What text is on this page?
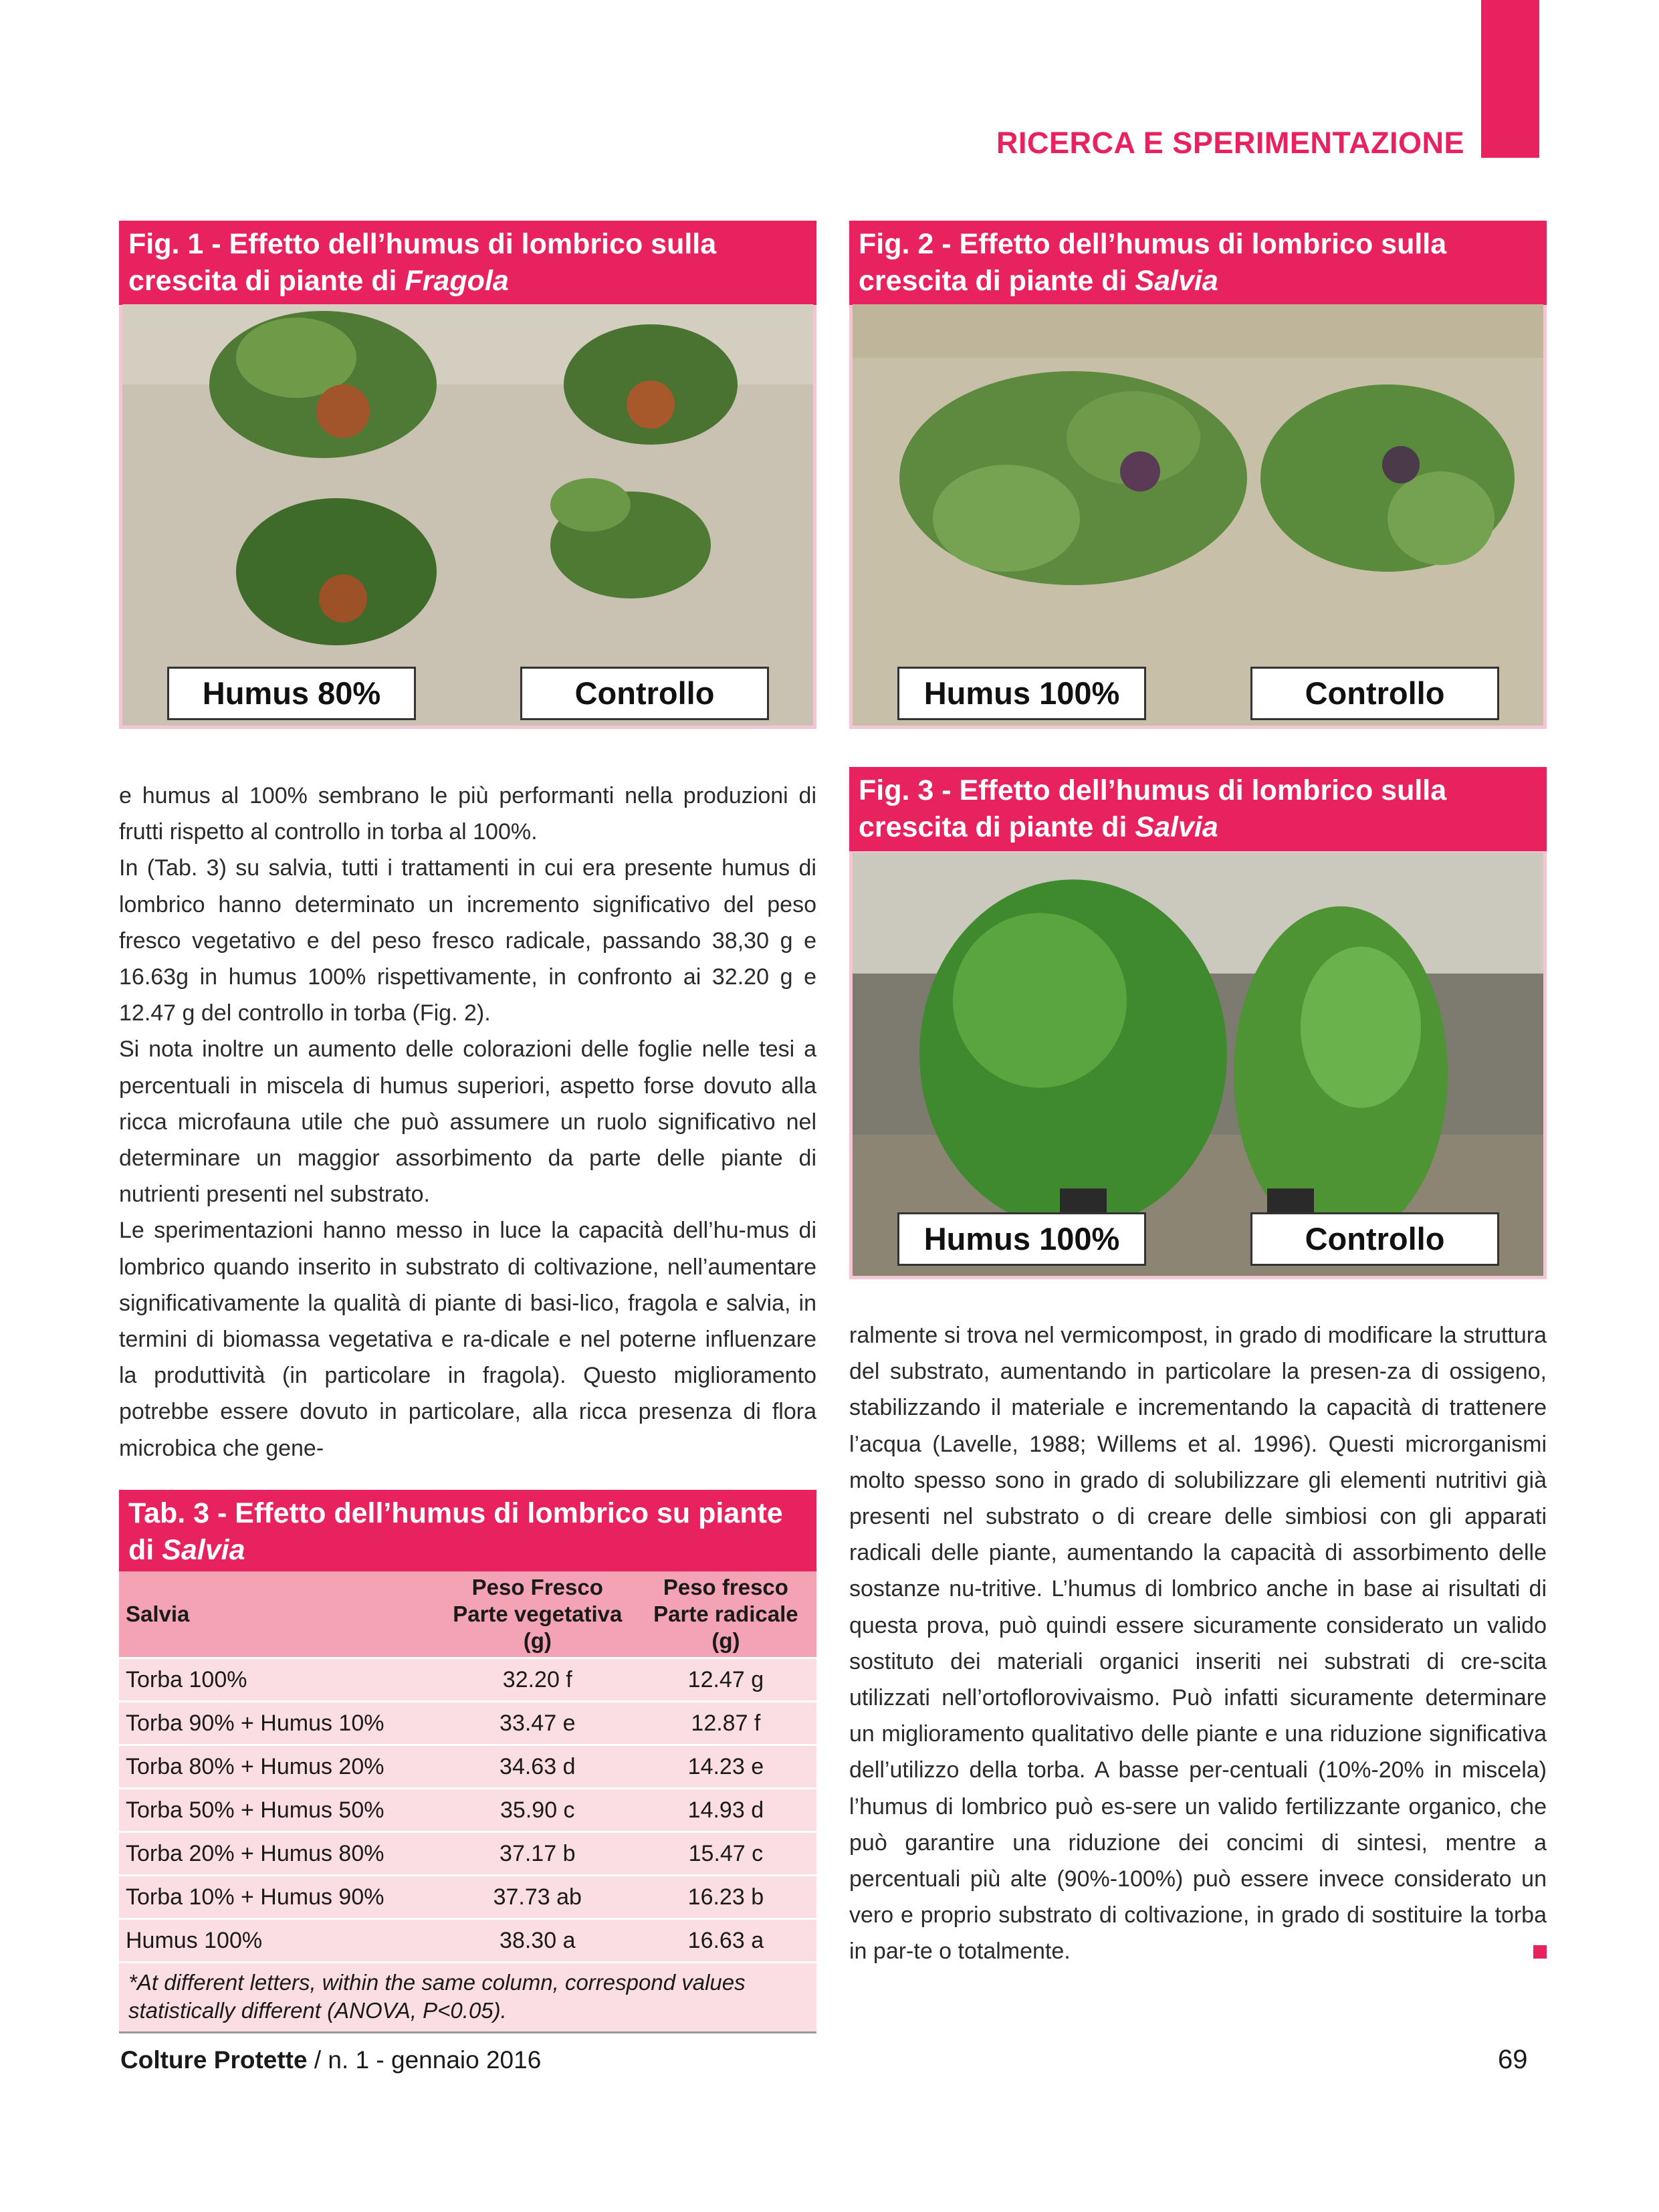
RICERCA E SPERIMENTAZIONE
Fig. 1 - Effetto dell’humus di lombrico sulla crescita di piante di Fragola
Humus 80%	Controllo
Fig. 2 - Effetto dell’humus di lombrico sulla crescita di piante di Salvia
Humus 100%	Controllo
Fig. 3 - Effetto dell’humus di lombrico sulla crescita di piante di Salvia
Humus 100%	Controllo

e humus al 100% sembrano le più performanti nella produzioni di frutti rispetto al controllo in torba al 100%.

In (Tab. 3) su salvia, tutti i trattamenti in cui era presente humus di lombrico hanno determinato un incremento significativo del peso fresco vegetativo e del peso fresco radicale, passando 38,30 g e 16.63g in humus 100% rispettivamente, in confronto ai 32.20 g e 12.47 g del controllo in torba (Fig. 2).

Si nota inoltre un aumento delle colorazioni delle foglie nelle tesi a percentuali in miscela di humus superiori, aspetto forse dovuto alla ricca microfauna utile che può assumere un ruolo significativo nel determinare un maggior assorbimento da parte delle piante di nutrienti presenti nel substrato.

Le sperimentazioni hanno messo in luce la capacità dell’hu-mus di lombrico quando inserito in substrato di coltivazione, nell’aumentare significativamente la qualità di piante di basi-lico, fragola e salvia, in termini di biomassa vegetativa e ra-dicale e nel poterne influenzare la produttività (in particolare in fragola). Questo miglioramento potrebbe essere dovuto in particolare, alla ricca presenza di flora microbica che gene-

Tab. 3 - Effetto dell’humus di lombrico su piante di Salvia
Salvia	Peso Fresco Parte vegetativa (g)	Peso fresco Parte radicale (g)
Torba 100%	32.20 f	12.47 g
Torba 90% + Humus 10%	33.47 e	12.87 f
Torba 80% + Humus 20%	34.63 d	14.23 e
Torba 50% + Humus 50%	35.90 c	14.93 d
Torba 20% + Humus 80%	37.17 b	15.47 c
Torba 10% + Humus 90%	37.73 ab	16.23 b
Humus 100%	38.30 a	16.63 a
*At different letters, within the same column, correspond values statistically different (ANOVA, P<0.05).

ralmente si trova nel vermicompost, in grado di modificare la struttura del substrato, aumentando in particolare la presen-za di ossigeno, stabilizzando il materiale e incrementando la capacità di trattenere l’acqua (Lavelle, 1988; Willems et al. 1996). Questi microrganismi molto spesso sono in grado di solubilizzare gli elementi nutritivi già presenti nel substrato o di creare delle simbiosi con gli apparati radicali delle piante, aumentando la capacità di assorbimento delle sostanze nu-tritive. L’humus di lombrico anche in base ai risultati di questa prova, può quindi essere sicuramente considerato un valido sostituto dei materiali organici inseriti nei substrati di cre-scita utilizzati nell’ortoflorovivaismo. Può infatti sicuramente determinare un miglioramento qualitativo delle piante e una riduzione significativa dell’utilizzo della torba. A basse per-centuali (10%-20% in miscela) l’humus di lombrico può es-sere un valido fertilizzante organico, che può garantire una riduzione dei concimi di sintesi, mentre a percentuali più alte (90%-100%) può essere invece considerato un vero e proprio substrato di coltivazione, in grado di sostituire la torba in par-te o totalmente.

Colture Protette / n. 1 - gennaio 2016	69
